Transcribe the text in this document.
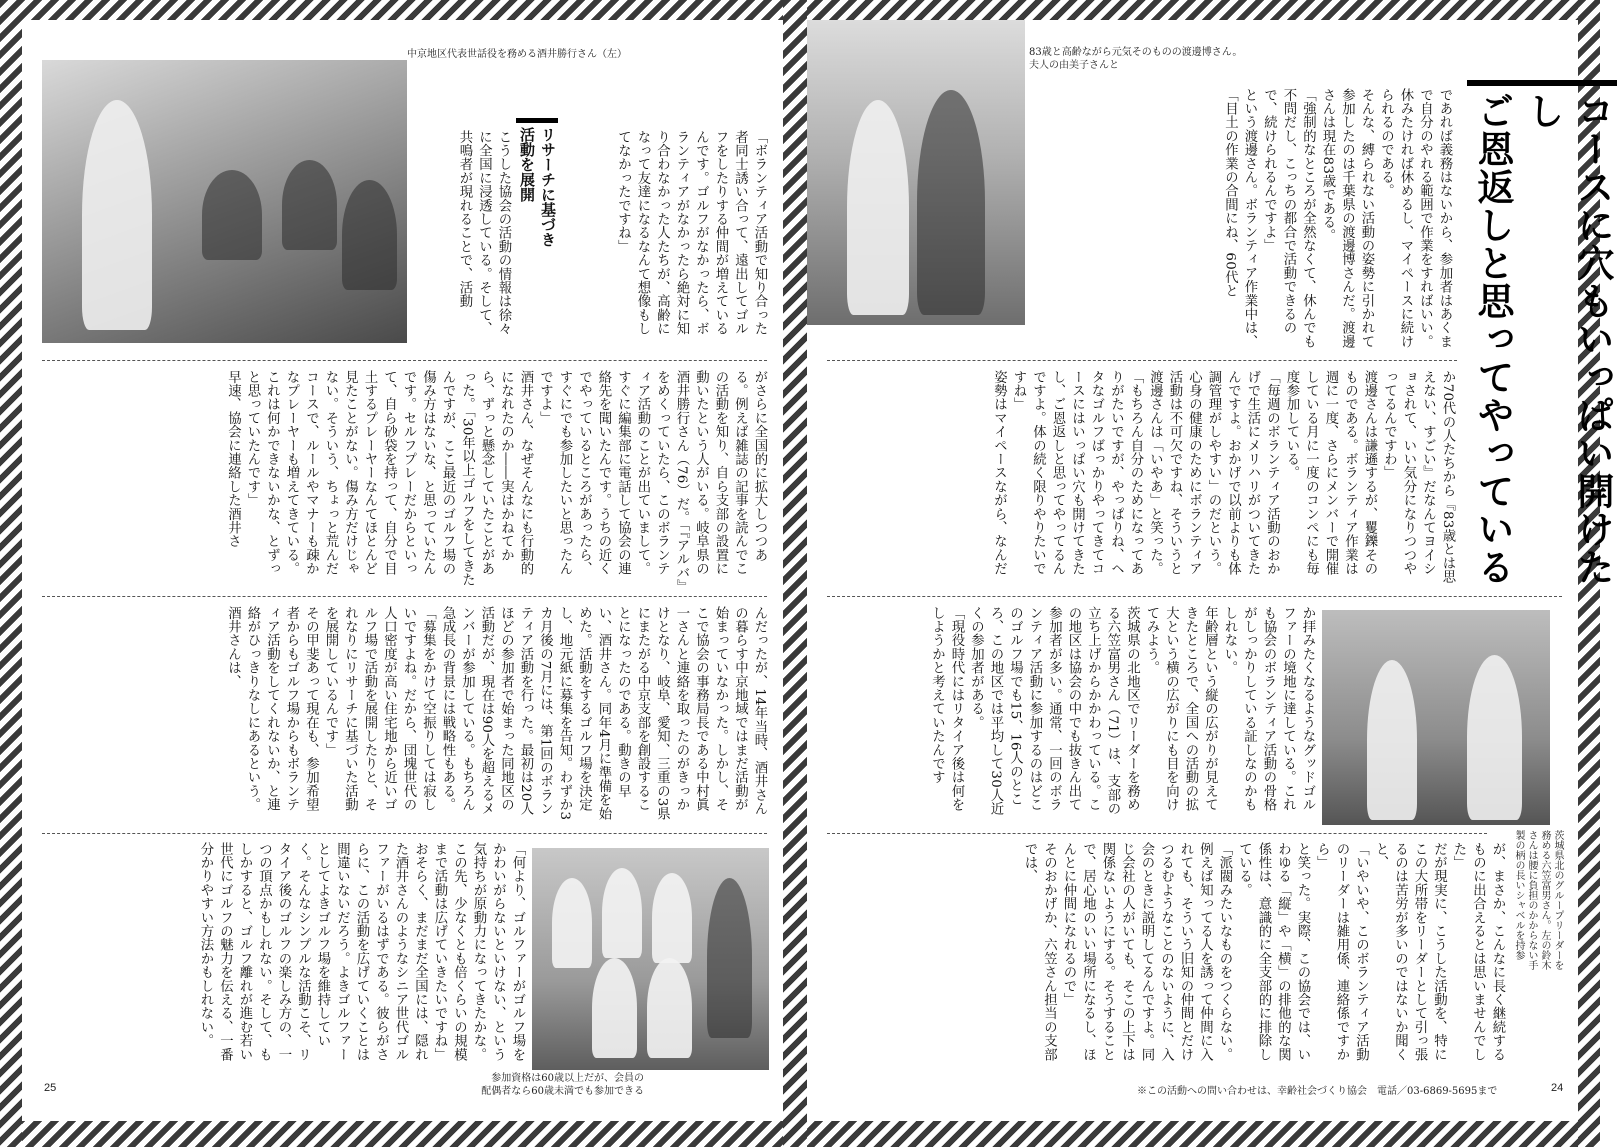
中京地区代表世話役を務める酒井勝行さん（左）
リサーチに基づき
活動を展開

こうした協会の活動の情報は徐々に全国に浸透している。そして、共鳴者が現れることで、活動	「ボランティア活動で知り合った者同士誘い合って、遠出してゴルフをしたりする仲間が増えているんです。ゴルフがなかったら、ボランティアがなかったら絶対に知り合わなかった人たちが、高齢になって友達になるなんて想像もしてなかったですね」

がさらに全国的に拡大しつつある。例えば雑誌の記事を読んでこの活動を知り、自ら支部の設置に動いたという人がいる。岐阜県の酒井勝行さん（76）だ。「『アルバ』をめくっていたら、このボランティア活動のことが出ていまして。すぐに編集部に電話して協会の連絡先を聞いたんです。うちの近くでやっているところがあったら、すぐにでも参加したいと思ったんですよ」

酒井さん、なぜそんなにも行動的になれたのか――実はかねてから、ずっと懸念していたことがあった。「30年以上ゴルフをしてきたんですが、ここ最近のゴルフ場の傷み方はないな、と思っていたんです。セルフプレーだからといって、自ら砂袋を持って、自分で目土するプレーヤーなんてほとんど見たことがない。傷み方だけじゃない。そういう、ちょっと荒んだコースで、ルールやマナーも疎かなプレーヤーも増えてきている。これは何かできないかな、とずっと思っていたんです」

早速、協会に連絡した酒井さ

んだったが、14年当時、酒井さんの暮らす中京地域ではまだ活動が始まっていなかった。しかし、そこで協会の事務局長である中村眞一さんと連絡を取ったのがきっかけとなり、岐阜、愛知、三重の3県にまたがる中京支部を創設することになったのである。動きの早い、酒井さん。同年4月に準備を始めた。活動をするゴルフ場を決定し、地元紙に募集を告知。わずか3カ月後の7月には、第1回のボランティア活動を行った。最初は20人ほどの参加者で始まった同地区の活動だが、現在は90人を超えるメンバーが参加している。もちろん急成長の背景には戦略性もある。

「募集をかけて空振りしては寂しいですよね。だから、団塊世代の人口密度が高い住宅地から近いゴルフ場で活動を展開したりと、それなりにリサーチに基づいた活動を展開しているんです」

その甲斐あって現在も、参加希望者からもゴルフ場からもボランティア活動をしてくれないか、と連絡がひっきりなしにあるという。酒井さんは、

「何より、ゴルファーがゴルフ場をかわいがらないといけない、という気持ちが原動力になってきたかな。この先、少なくとも倍くらいの規模まで活動は広げていきたいですね」

おそらく、まだまだ全国には、隠れた酒井さんのようなシニア世代ゴルファーがいるはずである。彼らがさらに、この活動を広げていくことは間違いないだろう。よきゴルファーとしてよきゴルフ場を維持していく。そんなシンプルな活動こそ、リタイア後のゴルフの楽しみ方の、一つの頂点かもしれない。そして、もしかすると、ゴルフ離れが進む若い世代にゴルフの魅力を伝える、一番分かりやすい方法かもしれない。

参加資格は60歳以上だが、会員の
配偶者なら60歳未満でも参加できる
25
83歳と高齢ながら元気そのものの渡邊博さん。
夫人の由美子さんと
コースに穴もいっぱい開けたし
ご恩返しと思ってやっている

であれば義務はないから、参加者はあくまで自分のやれる範囲で作業をすればいい。休みたければ休めるし、マイペースに続けられるのである。

そんな、縛られない活動の姿勢に引かれて参加したのは千葉県の渡邊博さんだ。渡邊さんは現在83歳である。

「強制的なところが全然なくて、休んでも不問だし、こっちの都合で活動できるので、続けられるんですよ」

という渡邊さん。ボランティア作業中は、

「目土の作業の合間にね、60代と

か70代の人たちから『83歳とは思えない、すごい』だなんてヨイショされて、いい気分になりつつやってるんですわ」

渡邊さんは謙遜するが、矍鑠そのものである。ボランティア作業は週に一度、さらにメンバーで開催している月に一度のコンペにも毎度参加している。

「毎週のボランティア活動のおかげで生活にメリハリがついてきたんですよ。おかげで以前よりも体調管理がしやすい」のだという。心身の健康のためにボランティア活動は不可欠ですね、そういうと渡邊さんは「いやあ」と笑った。

「もちろん自分のためになってありがたいですが、やっぱりね、ヘタなゴルフばっかりやってきてコースにはいっぱい穴も開けてきたし、ご恩返しと思ってやってるんですよ。体の続く限りやりたいですね」

姿勢はマイペースながら、なんだ

か拝みたくなるようなグッドゴルファーの境地に達している。これも協会のボランティア活動の骨格がしっかりしている証しなのかもしれない。

年齢層という縦の広がりが見えてきたところで、全国への活動の拡大という横の広がりにも目を向けてみよう。

茨城県の北地区でリーダーを務める六笠富男さん（71）は、支部の立ち上げからかかわっている。この地区は協会の中でも抜きん出て参加者が多い。通常、一回のボランティア活動に参加するのはどこのゴルフ場でも15、16人のところ、この地区では平均して30人近くの参加者がある。

「現役時代にはリタイア後は何をしようかと考えていたんです

茨城県北のグループリーダーを
務める六笠富男さん。左の鈴木
さんは腰に負担のかからない手
製の柄の長いシャベルを持参

が、まさか、こんなに長く継続するものに出合えるとは思いませんでした」

だが現実に、こうした活動を、特にこの大所帯をリーダーとして引っ張るのは苦労が多いのではないか聞くと、

「いやいや、このボランティア活動のリーダーは雑用係、連絡係ですから」

と笑った。実際、この協会では、いわゆる「縦」や「横」の排他的な関係性は、意識的に全支部的に排除している。

「派閥みたいなものをつくらない。例えば知ってる人を誘って仲間に入れても、そういう旧知の仲間とだけつるむようなことのないように、入会のときに説明してるんですよ。同じ会社の人がいても、そこの上下は関係ないようにする。そうすることで、居心地のいい場所になるし、ほんとに仲間になれるので」

そのおかげか、六笠さん担当の支部では、

※この活動への問い合わせは、幸齢社会づくり協会　電話／03-6869-5695まで	24
